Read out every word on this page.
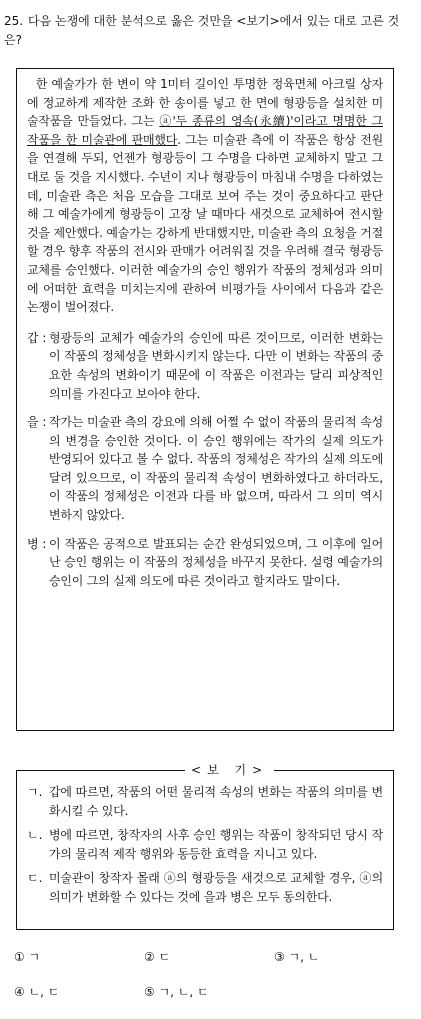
25. 다음 논쟁에 대한 분석으로 옳은 것만을 <보기>에서 있는 대로 고른 것은?

한 예술가가 한 변이 약 1미터 길이인 투명한 정육면체 아크릴 상자에 정교하게 제작한 조화 한 송이를 넣고 한 면에 형광등을 설치한 미술작품을 만들었다. 그는 ⓐ'두 종류의 영속(永續)'이라고 명명한 그 작품을 한 미술관에 판매했다. 그는 미술관 측에 이 작품은 항상 전원을 연결해 두되, 언젠가 형광등이 그 수명을 다하면 교체하지 말고 그대로 둘 것을 지시했다. 수년이 지나 형광등이 마침내 수명을 다하였는데, 미술관 측은 처음 모습을 그대로 보여 주는 것이 중요하다고 판단해 그 예술가에게 형광등이 고장 날 때마다 새것으로 교체하여 전시할 것을 제안했다. 예술가는 강하게 반대했지만, 미술관 측의 요청을 거절할 경우 향후 작품의 전시와 판매가 어려워질 것을 우려해 결국 형광등 교체를 승인했다. 이러한 예술가의 승인 행위가 작품의 정체성과 의미에 어떠한 효력을 미치는지에 관하여 비평가들 사이에서 다음과 같은 논쟁이 벌어졌다.

갑 : 형광등의 교체가 예술가의 승인에 따른 것이므로, 이러한 변화는 이 작품의 정체성을 변화시키지 않는다. 다만 이 변화는 작품의 중요한 속성의 변화이기 때문에 이 작품은 이전과는 달리 피상적인 의미를 가진다고 보아야 한다.
을 : 작가는 미술관 측의 강요에 의해 어쩔 수 없이 작품의 물리적 속성의 변경을 승인한 것이다. 이 승인 행위에는 작가의 실제 의도가 반영되어 있다고 볼 수 없다. 작품의 정체성은 작가의 실제 의도에 달려 있으므로, 이 작품의 물리적 속성이 변화하였다고 하더라도, 이 작품의 정체성은 이전과 다를 바 없으며, 따라서 그 의미 역시 변하지 않았다.
병 : 이 작품은 공적으로 발표되는 순간 완성되었으며, 그 이후에 일어난 승인 행위는 이 작품의 정체성을 바꾸지 못한다. 설령 예술가의 승인이 그의 실제 의도에 따른 것이라고 할지라도 말이다.
<보 기>
ㄱ. 갑에 따르면, 작품의 어떤 물리적 속성의 변화는 작품의 의미를 변화시킬 수 있다.
ㄴ. 병에 따르면, 창작자의 사후 승인 행위는 작품이 창작되던 당시 작가의 물리적 제작 행위와 동등한 효력을 지니고 있다.
ㄷ. 미술관이 창작자 몰래 ⓐ의 형광등을 새것으로 교체할 경우, ⓐ의 의미가 변화할 수 있다는 것에 을과 병은 모두 동의한다.
① ㄱ	② ㄷ	③ ㄱ, ㄴ
④ ㄴ, ㄷ	⑤ ㄱ, ㄴ, ㄷ
